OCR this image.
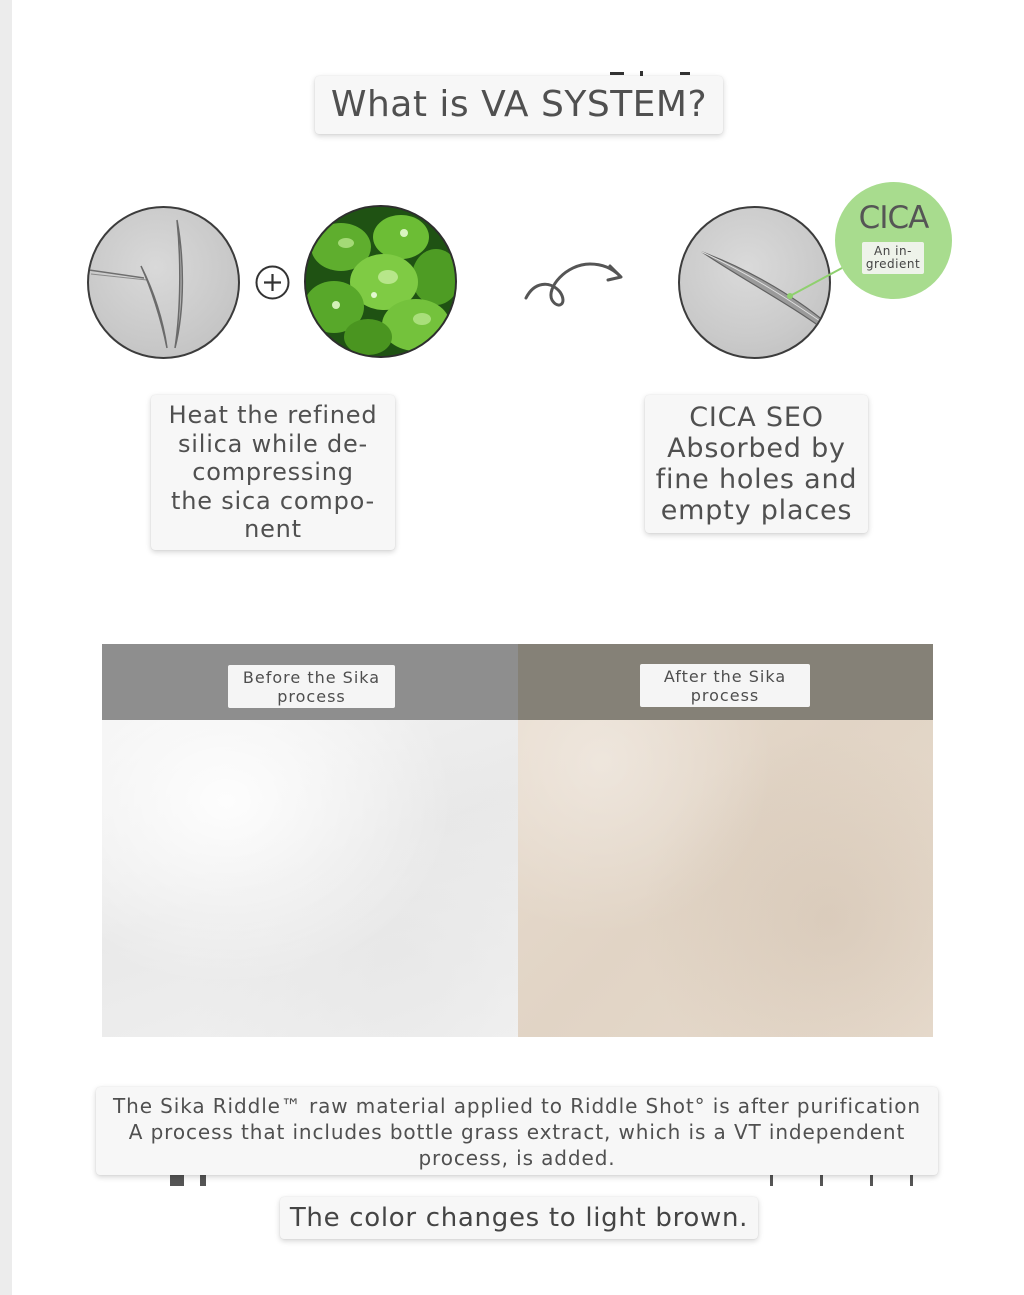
What is VA SYSTEM?
CICA
An in-
gredient
Heat the refined
silica while de-
compressing
the sica compo-
nent
CICA SEO
Absorbed by
fine holes and
empty places
Before the Sika process
After the Sika process
The Sika Riddle™ raw material applied to Riddle Shot° is after purification
A process that includes bottle grass extract, which is a VT independent
process, is added.
The color changes to light brown.
